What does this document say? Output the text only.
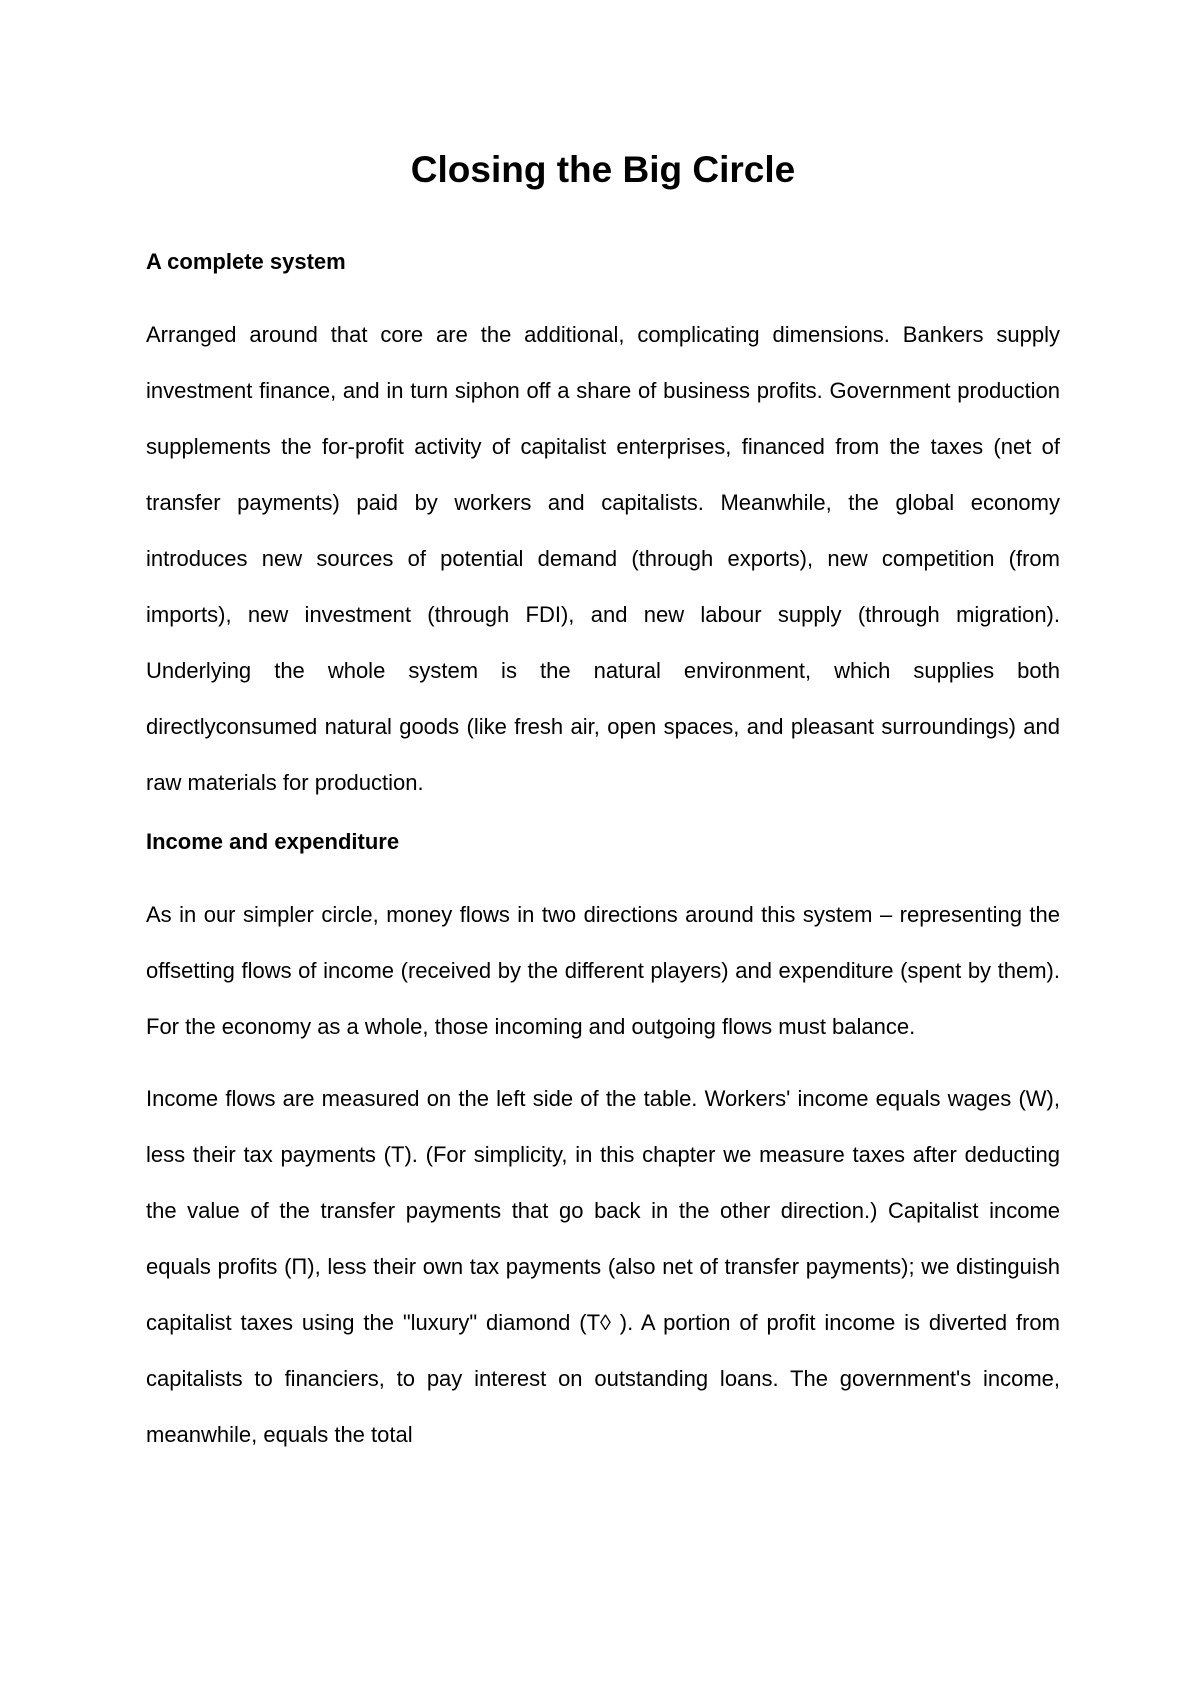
Closing the Big Circle
A complete system

Arranged around that core are the additional, complicating dimensions. Bankers supply investment finance, and in turn siphon off a share of business profits. Government production supplements the for-profit activity of capitalist enterprises, financed from the taxes (net of transfer payments) paid by workers and capitalists. Meanwhile, the global economy introduces new sources of potential demand (through exports), new competition (from imports), new investment (through FDI), and new labour supply (through migration). Underlying the whole system is the natural environment, which supplies both directlyconsumed natural goods (like fresh air, open spaces, and pleasant surroundings) and raw materials for production.

Income and expenditure

As in our simpler circle, money flows in two directions around this system – representing the offsetting flows of income (received by the different players) and expenditure (spent by them). For the economy as a whole, those incoming and outgoing flows must balance.

Income flows are measured on the left side of the table. Workers' income equals wages (W), less their tax payments (T). (For simplicity, in this chapter we measure taxes after deducting the value of the transfer payments that go back in the other direction.) Capitalist income equals profits (Π), less their own tax payments (also net of transfer payments); we distinguish capitalist taxes using the "luxury" diamond (T◊ ). A portion of profit income is diverted from capitalists to financiers, to pay interest on outstanding loans. The government's income, meanwhile, equals the total
